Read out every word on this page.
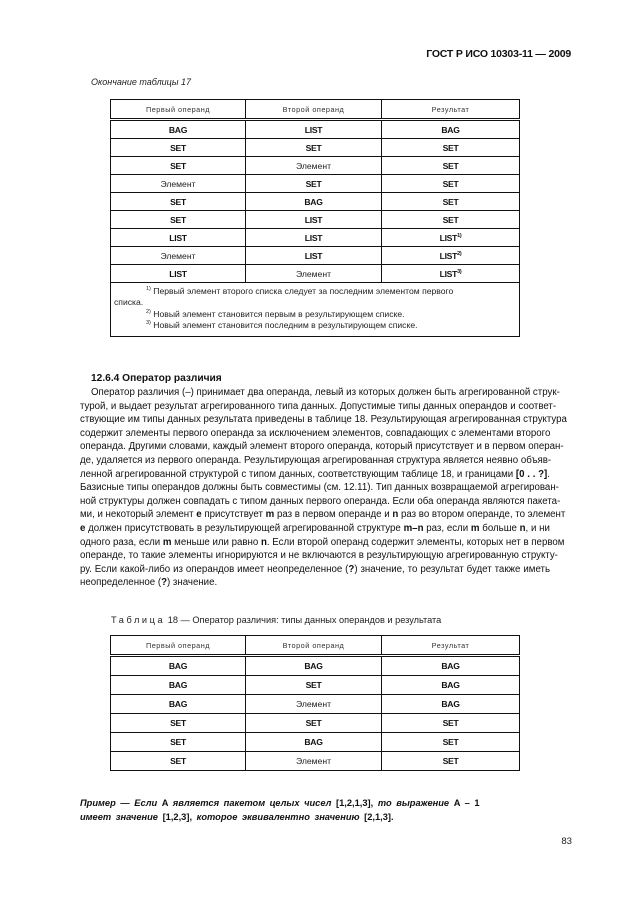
ГОСТ Р ИСО 10303-11 — 2009
Окончание таблицы 17
Первый операнд	Второй операнд	Результат
BAG	LIST	BAG
SET	SET	SET
SET	Элемент	SET
Элемент	SET	SET
SET	BAG	SET
SET	LIST	SET
LIST	LIST	LIST$^{1)}$
Элемент	LIST	LIST$^{2)}$
LIST	Элемент	LIST$^{3)}$

$^{1)}$ Первый элемент второго списка следует за последним элементом первого
списка.
$^{2)}$ Новый элемент становится первым в результирующем списке.
$^{3)}$ Новый элемент становится последним в результирующем списке.		
12.6.4 Оператор различия
Оператор различия (–) принимает два операнда, левый из которых должен быть агрегированной струк-
турой, и выдает результат агрегированного типа данных. Допустимые типы данных операндов и соответ-
ствующие им типы данных результата приведены в таблице 18. Результирующая агрегированная структура
содержит элементы первого операнда за исключением элементов, совпадающих с элементами второго
операнда. Другими словами, каждый элемент второго операнда, который присутствует и в первом операн-
де, удаляется из первого операнда. Результирующая агрегированная структура является неявно объяв-
ленной агрегированной структурой с типом данных, соответствующим таблице 18, и границами [0 . . ?].
Базисные типы операндов должны быть совместимы (см. 12.11). Тип данных возвращаемой агрегирован-
ной структуры должен совпадать с типом данных первого операнда. Если оба операнда являются пакета-
ми, и некоторый элемент e присутствует m раз в первом операнде и n раз во втором операнде, то элемент
e должен присутствовать в результирующей агрегированной структуре m–n раз, если m больше n, и ни
одного раза, если m меньше или равно n. Если второй операнд содержит элементы, которых нет в первом
операнде, то такие элементы игнорируются и не включаются в результирующую агрегированную структу-
ру. Если какой-либо из операндов имеет неопределенное (?) значение, то результат будет также иметь
неопределенное (?) значение.
Таблица 18 — Оператор различия: типы данных операндов и результата
Первый операнд	Второй операнд	Результат
BAG	BAG	BAG
BAG	SET	BAG
BAG	Элемент	BAG
SET	SET	SET
SET	BAG	SET
SET	Элемент	SET
Пример — Если A является пакетом целых чисел [1,2,1,3], то выражение A – 1
имеет значение [1,2,3], которое эквивалентно значению [2,1,3].
83
